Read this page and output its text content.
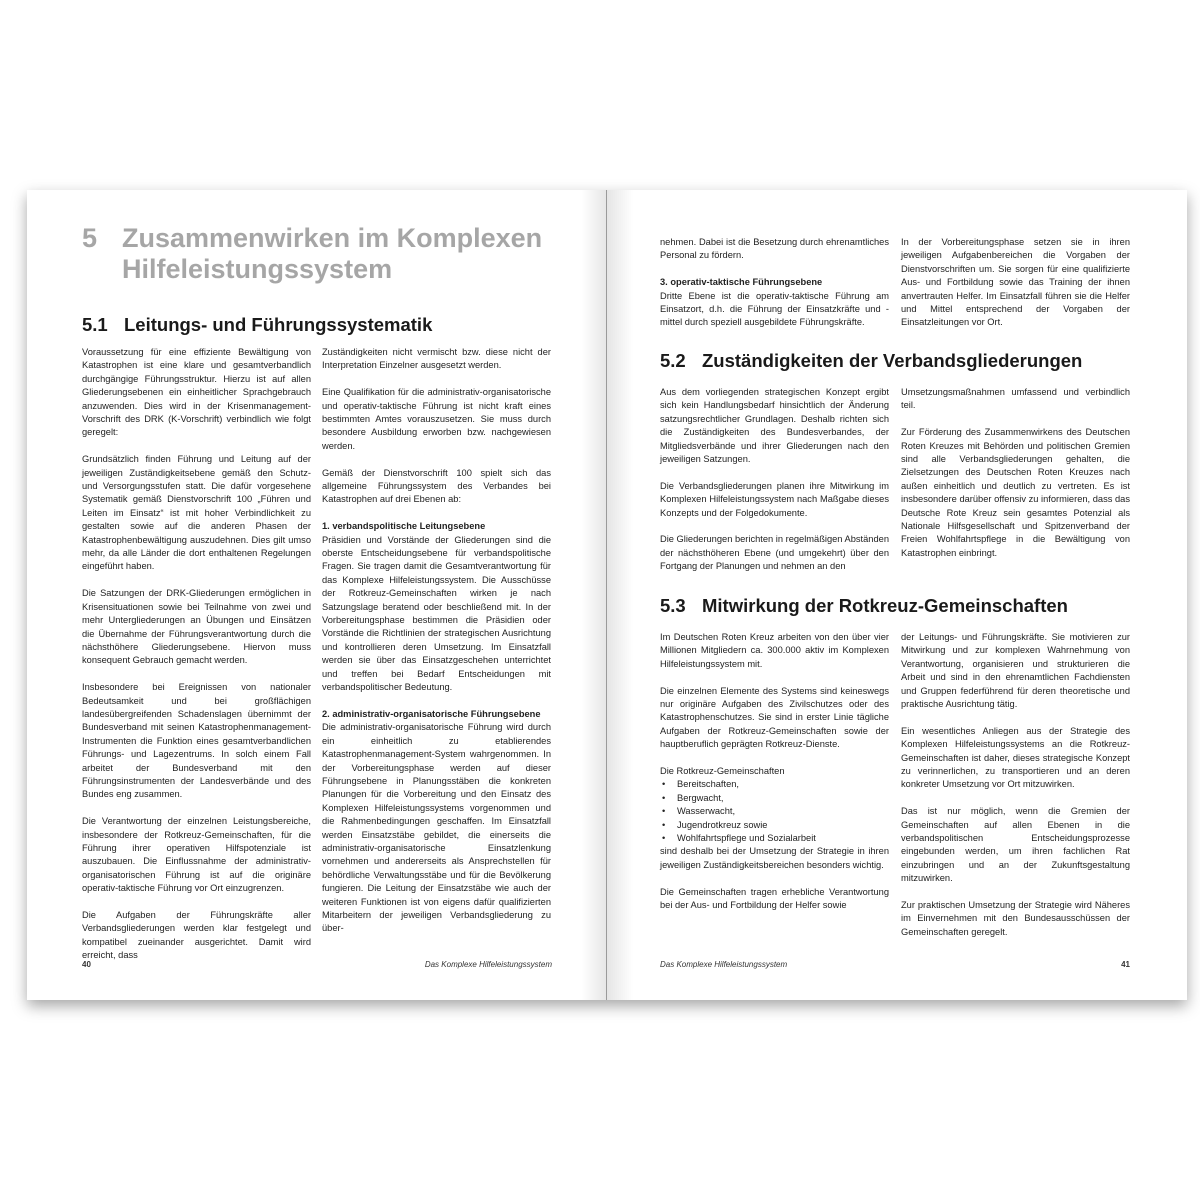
5 Zusammenwirken im Komplexen Hilfeleistungssystem
5.1 Leitungs- und Führungssystematik

Voraussetzung für eine effiziente Bewältigung von Katastrophen ist eine klare und gesamtverbandlich durchgängige Führungsstruktur. Hierzu ist auf allen Gliederungsebenen ein einheitlicher Sprachgebrauch anzuwenden. Dies wird in der Krisenmanagement-Vorschrift des DRK (K-Vorschrift) verbindlich wie folgt geregelt:

Grundsätzlich finden Führung und Leitung auf der jeweiligen Zuständigkeitsebene gemäß den Schutz- und Versorgungsstufen statt. Die dafür vorgesehene Systematik gemäß Dienstvorschrift 100 „Führen und Leiten im Einsatz“ ist mit hoher Verbindlichkeit zu gestalten sowie auf die anderen Phasen der Katastrophenbewältigung auszudehnen. Dies gilt umso mehr, da alle Länder die dort enthaltenen Regelungen eingeführt haben.

Die Satzungen der DRK-Gliederungen ermöglichen in Krisensituationen sowie bei Teilnahme von zwei und mehr Untergliederungen an Übungen und Einsätzen die Übernahme der Führungsverantwortung durch die nächsthöhere Gliederungsebene. Hiervon muss konsequent Gebrauch gemacht werden.

Insbesondere bei Ereignissen von nationaler Bedeutsamkeit und bei großflächigen landesübergreifenden Schadenslagen übernimmt der Bundesverband mit seinen Katastrophenmanagement-Instrumenten die Funktion eines gesamtverbandlichen Führungs- und Lagezentrums. In solch einem Fall arbeitet der Bundesverband mit den Führungsinstrumenten der Landesverbände und des Bundes eng zusammen.

Die Verantwortung der einzelnen Leistungsbereiche, insbesondere der Rotkreuz-Gemeinschaften, für die Führung ihrer operativen Hilfspotenziale ist auszubauen. Die Einflussnahme der administrativ-organisatorischen Führung ist auf die originäre operativ-taktische Führung vor Ort einzugrenzen.

Die Aufgaben der Führungskräfte aller Verbandsgliederungen werden klar festgelegt und kompatibel zueinander ausgerichtet. Damit wird erreicht, dass

Zuständigkeiten nicht vermischt bzw. diese nicht der Interpretation Einzelner ausgesetzt werden.

Eine Qualifikation für die administrativ-organisatorische und operativ-taktische Führung ist nicht kraft eines bestimmten Amtes vorauszusetzen. Sie muss durch besondere Ausbildung erworben bzw. nachgewiesen werden.

Gemäß der Dienstvorschrift 100 spielt sich das allgemeine Führungssystem des Verbandes bei Katastrophen auf drei Ebenen ab:

1. verbandspolitische Leitungsebene

Präsidien und Vorstände der Gliederungen sind die oberste Entscheidungsebene für verbandspolitische Fragen. Sie tragen damit die Gesamtverantwortung für das Komplexe Hilfeleistungssystem. Die Ausschüsse der Rotkreuz-Gemeinschaften wirken je nach Satzungslage beratend oder beschließend mit. In der Vorbereitungsphase bestimmen die Präsidien oder Vorstände die Richtlinien der strategischen Ausrichtung und kontrollieren deren Umsetzung. Im Einsatzfall werden sie über das Einsatzgeschehen unterrichtet und treffen bei Bedarf Entscheidungen mit verbandspolitischer Bedeutung.

2. administrativ-organisatorische Führungsebene

Die administrativ-organisatorische Führung wird durch ein einheitlich zu etablierendes Katastrophenmanagement-System wahrgenommen. In der Vorbereitungsphase werden auf dieser Führungsebene in Planungsstäben die konkreten Planungen für die Vorbereitung und den Einsatz des Komplexen Hilfeleistungssystems vorgenommen und die Rahmenbedingungen geschaffen. Im Einsatzfall werden Einsatzstäbe gebildet, die einerseits die administrativ-organisatorische Einsatzlenkung vornehmen und andererseits als Ansprechstellen für behördliche Verwaltungsstäbe und für die Bevölkerung fungieren. Die Leitung der Einsatzstäbe wie auch der weiteren Funktionen ist von eigens dafür qualifizierten Mitarbeitern der jeweiligen Verbandsgliederung zu über-

40	Das Komplexe Hilfeleistungssystem

nehmen. Dabei ist die Besetzung durch ehrenamtliches Personal zu fördern.

3. operativ-taktische Führungsebene

Dritte Ebene ist die operativ-taktische Führung am Einsatzort, d.h. die Führung der Einsatzkräfte und -mittel durch speziell ausgebildete Führungskräfte.

In der Vorbereitungsphase setzen sie in ihren jeweiligen Aufgabenbereichen die Vorgaben der Dienstvorschriften um. Sie sorgen für eine qualifizierte Aus- und Fortbildung sowie das Training der ihnen anvertrauten Helfer. Im Einsatzfall führen sie die Helfer und Mittel entsprechend der Vorgaben der Einsatzleitungen vor Ort.

5.2 Zuständigkeiten der Verbandsgliederungen

Aus dem vorliegenden strategischen Konzept ergibt sich kein Handlungsbedarf hinsichtlich der Änderung satzungsrechtlicher Grundlagen. Deshalb richten sich die Zuständigkeiten des Bundesverbandes, der Mitgliedsverbände und ihrer Gliederungen nach den jeweiligen Satzungen.

Die Verbandsgliederungen planen ihre Mitwirkung im Komplexen Hilfeleistungssystem nach Maßgabe dieses Konzepts und der Folgedokumente.

Die Gliederungen berichten in regelmäßigen Abständen der nächsthöheren Ebene (und umgekehrt) über den Fortgang der Planungen und nehmen an den

Umsetzungsmaßnahmen umfassend und verbindlich teil.

Zur Förderung des Zusammenwirkens des Deutschen Roten Kreuzes mit Behörden und politischen Gremien sind alle Verbandsgliederungen gehalten, die Zielsetzungen des Deutschen Roten Kreuzes nach außen einheitlich und deutlich zu vertreten. Es ist insbesondere darüber offensiv zu informieren, dass das Deutsche Rote Kreuz sein gesamtes Potenzial als Nationale Hilfsgesellschaft und Spitzenverband der Freien Wohlfahrtspflege in die Bewältigung von Katastrophen einbringt.

5.3 Mitwirkung der Rotkreuz-Gemeinschaften

Im Deutschen Roten Kreuz arbeiten von den über vier Millionen Mitgliedern ca. 300.000 aktiv im Komplexen Hilfeleistungssystem mit.

Die einzelnen Elemente des Systems sind keineswegs nur originäre Aufgaben des Zivilschutzes oder des Katastrophenschutzes. Sie sind in erster Linie tägliche Aufgaben der Rotkreuz-Gemeinschaften sowie der hauptberuflich geprägten Rotkreuz-Dienste.

Die Rotkreuz-Gemeinschaften

• Bereitschaften,
• Bergwacht,
• Wasserwacht,
• Jugendrotkreuz sowie
• Wohlfahrtspflege und Sozialarbeit

sind deshalb bei der Umsetzung der Strategie in ihren jeweiligen Zuständigkeitsbereichen besonders wichtig.

Die Gemeinschaften tragen erhebliche Verantwortung bei der Aus- und Fortbildung der Helfer sowie

der Leitungs- und Führungskräfte. Sie motivieren zur Mitwirkung und zur komplexen Wahrnehmung von Verantwortung, organisieren und strukturieren die Arbeit und sind in den ehrenamtlichen Fachdiensten und Gruppen federführend für deren theoretische und praktische Ausrichtung tätig.

Ein wesentliches Anliegen aus der Strategie des Komplexen Hilfeleistungssystems an die Rotkreuz-Gemeinschaften ist daher, dieses strategische Konzept zu verinnerlichen, zu transportieren und an deren konkreter Umsetzung vor Ort mitzuwirken.

Das ist nur möglich, wenn die Gremien der Gemeinschaften auf allen Ebenen in die verbandspolitischen Entscheidungsprozesse eingebunden werden, um ihren fachlichen Rat einzubringen und an der Zukunftsgestaltung mitzuwirken.

Zur praktischen Umsetzung der Strategie wird Näheres im Einvernehmen mit den Bundesausschüssen der Gemeinschaften geregelt.

Das Komplexe Hilfeleistungssystem	41
